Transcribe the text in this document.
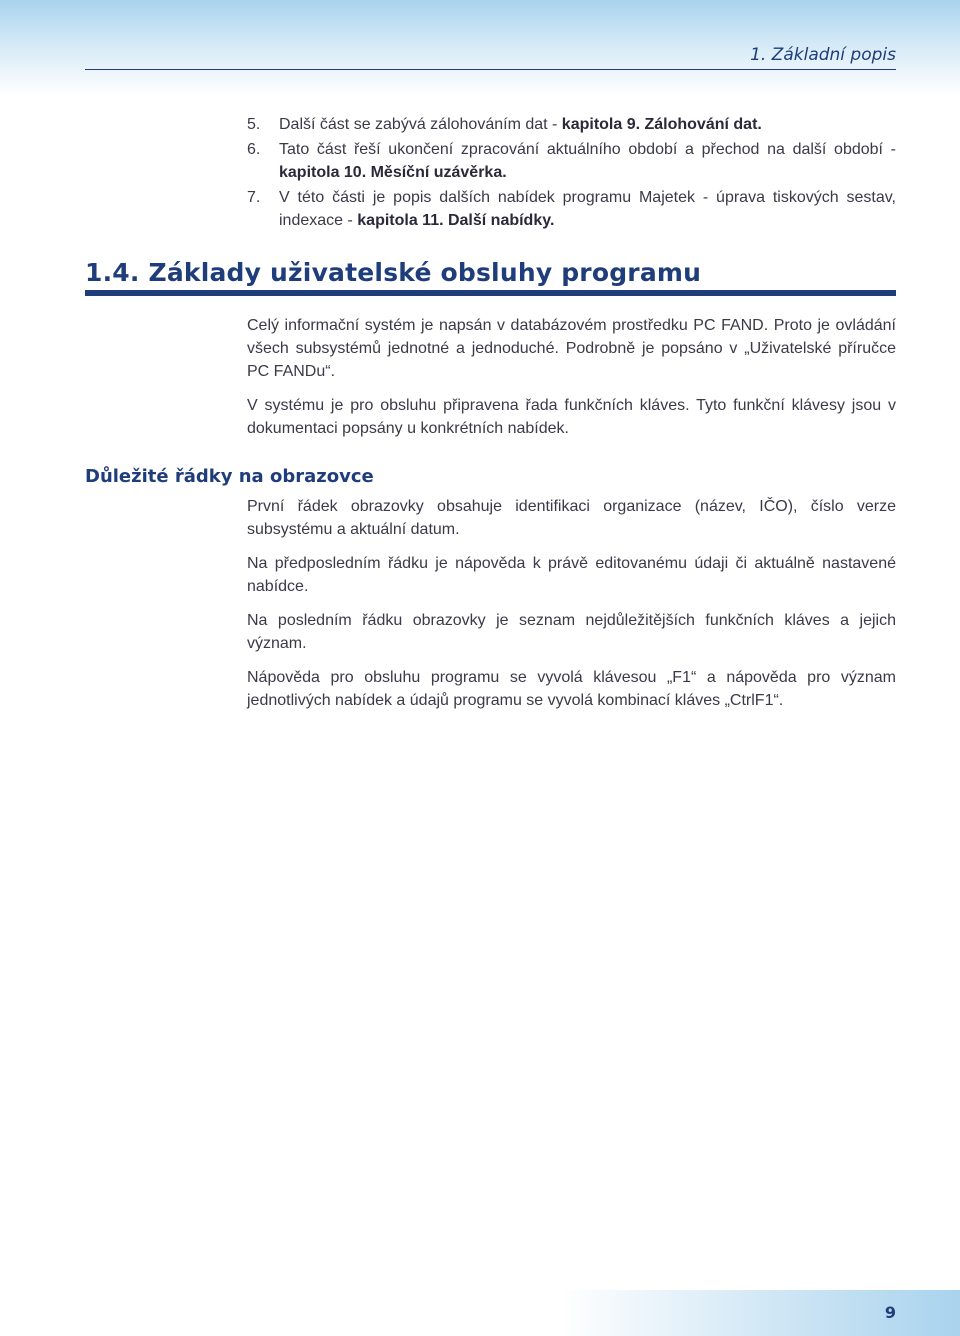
1. Základní popis
5. Další část se zabývá zálohováním dat - kapitola 9. Zálohování dat.
6. Tato část řeší ukončení zpracování aktuálního období a přechod na další období - kapitola 10. Měsíční uzávěrka.
7. V této části je popis dalších nabídek programu Majetek - úprava tiskových sestav, indexace - kapitola 11. Další nabídky.
1.4. Základy uživatelské obsluhy programu
Celý informační systém je napsán v databázovém prostředku PC FAND. Proto je ovládání všech subsystémů jednotné a jednoduché. Podrobně je popsáno v „Uživatelské příručce PC FANDu“.
V systému je pro obsluhu připravena řada funkčních kláves. Tyto funkční klávesy jsou v dokumentaci popsány u konkrétních nabídek.
Důležité řádky na obrazovce
První řádek obrazovky obsahuje identifikaci organizace (název, IČO), číslo verze subsystému a aktuální datum.
Na předposledním řádku je nápověda k právě editovanému údaji či aktuálně nastavené nabídce.
Na posledním řádku obrazovky je seznam nejdůležitějších funkčních kláves a jejich význam.
Nápověda pro obsluhu programu se vyvolá klávesou „F1“ a nápověda pro význam jednotlivých nabídek a údajů programu se vyvolá kombinací kláves „CtrlF1“.
9
